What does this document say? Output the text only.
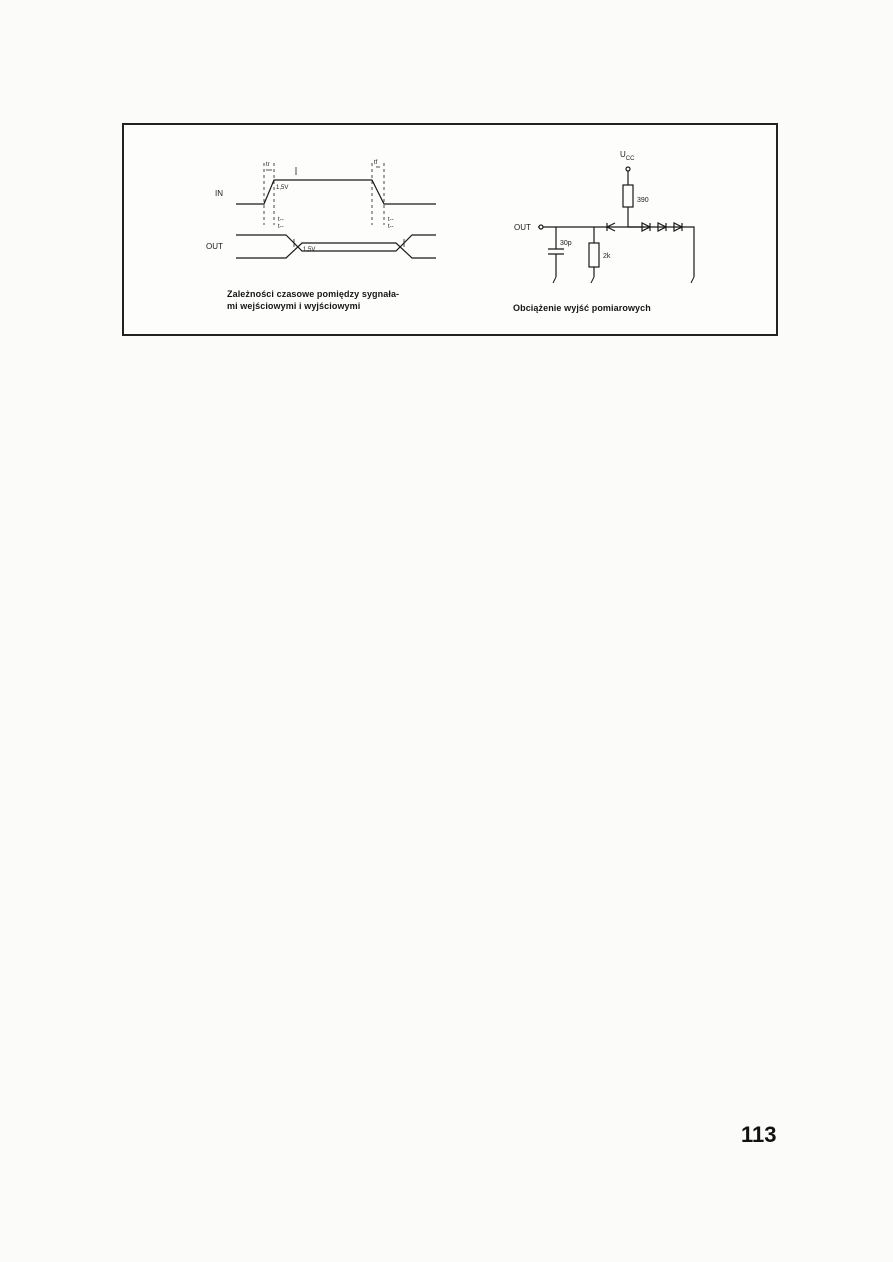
IN
OUT
tr	tf
1,5V
1,5V
t--
t--
t--
t--
$U_{CC}$
OUT
390
30p
2k
Zależności czasowe pomiędzy sygnała-
mi wejściowymi i wyjściowymi	Obciążenie wyjść pomiarowych
113
